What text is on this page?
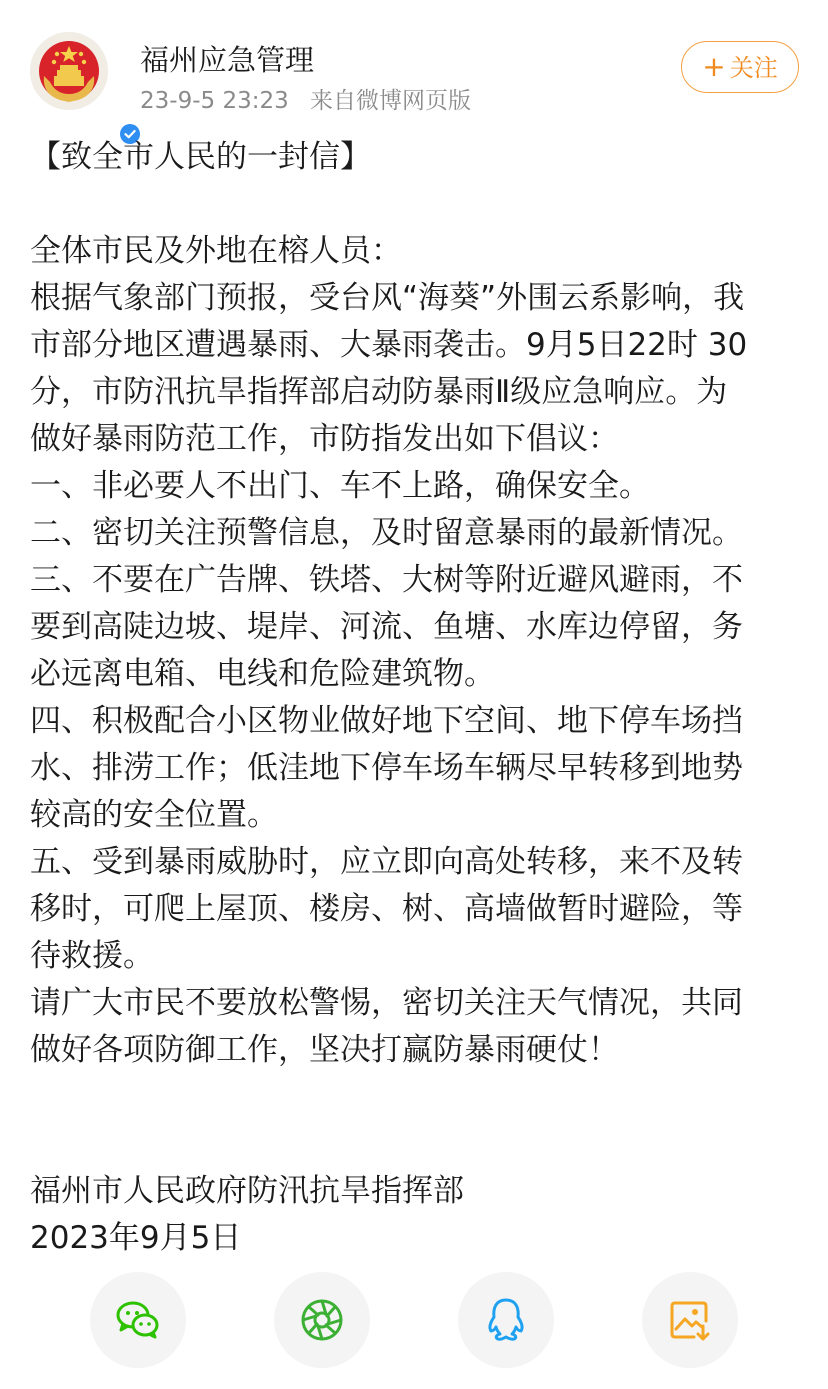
福州应急管理
23-9-5 23:23 来自微博网页版
+ 关注

【致全市人民的一封信】

全体市民及外地在榕人员：

根据气象部门预报，受台风“海葵”外围云系影响，我

市部分地区遭遇暴雨、大暴雨袭击。9月5日22时 30

分，市防汛抗旱指挥部启动防暴雨Ⅱ级应急响应。为

做好暴雨防范工作，市防指发出如下倡议：

一、非必要人不出门、车不上路，确保安全。

二、密切关注预警信息，及时留意暴雨的最新情况。

三、不要在广告牌、铁塔、大树等附近避风避雨，不

要到高陡边坡、堤岸、河流、鱼塘、水库边停留，务

必远离电箱、电线和危险建筑物。

四、积极配合小区物业做好地下空间、地下停车场挡

水、排涝工作；低洼地下停车场车辆尽早转移到地势

较高的安全位置。

五、受到暴雨威胁时，应立即向高处转移，来不及转

移时，可爬上屋顶、楼房、树、高墙做暂时避险，等

待救援。

请广大市民不要放松警惕，密切关注天气情况，共同

做好各项防御工作，坚决打赢防暴雨硬仗！

福州市人民政府防汛抗旱指挥部

2023年9月5日
